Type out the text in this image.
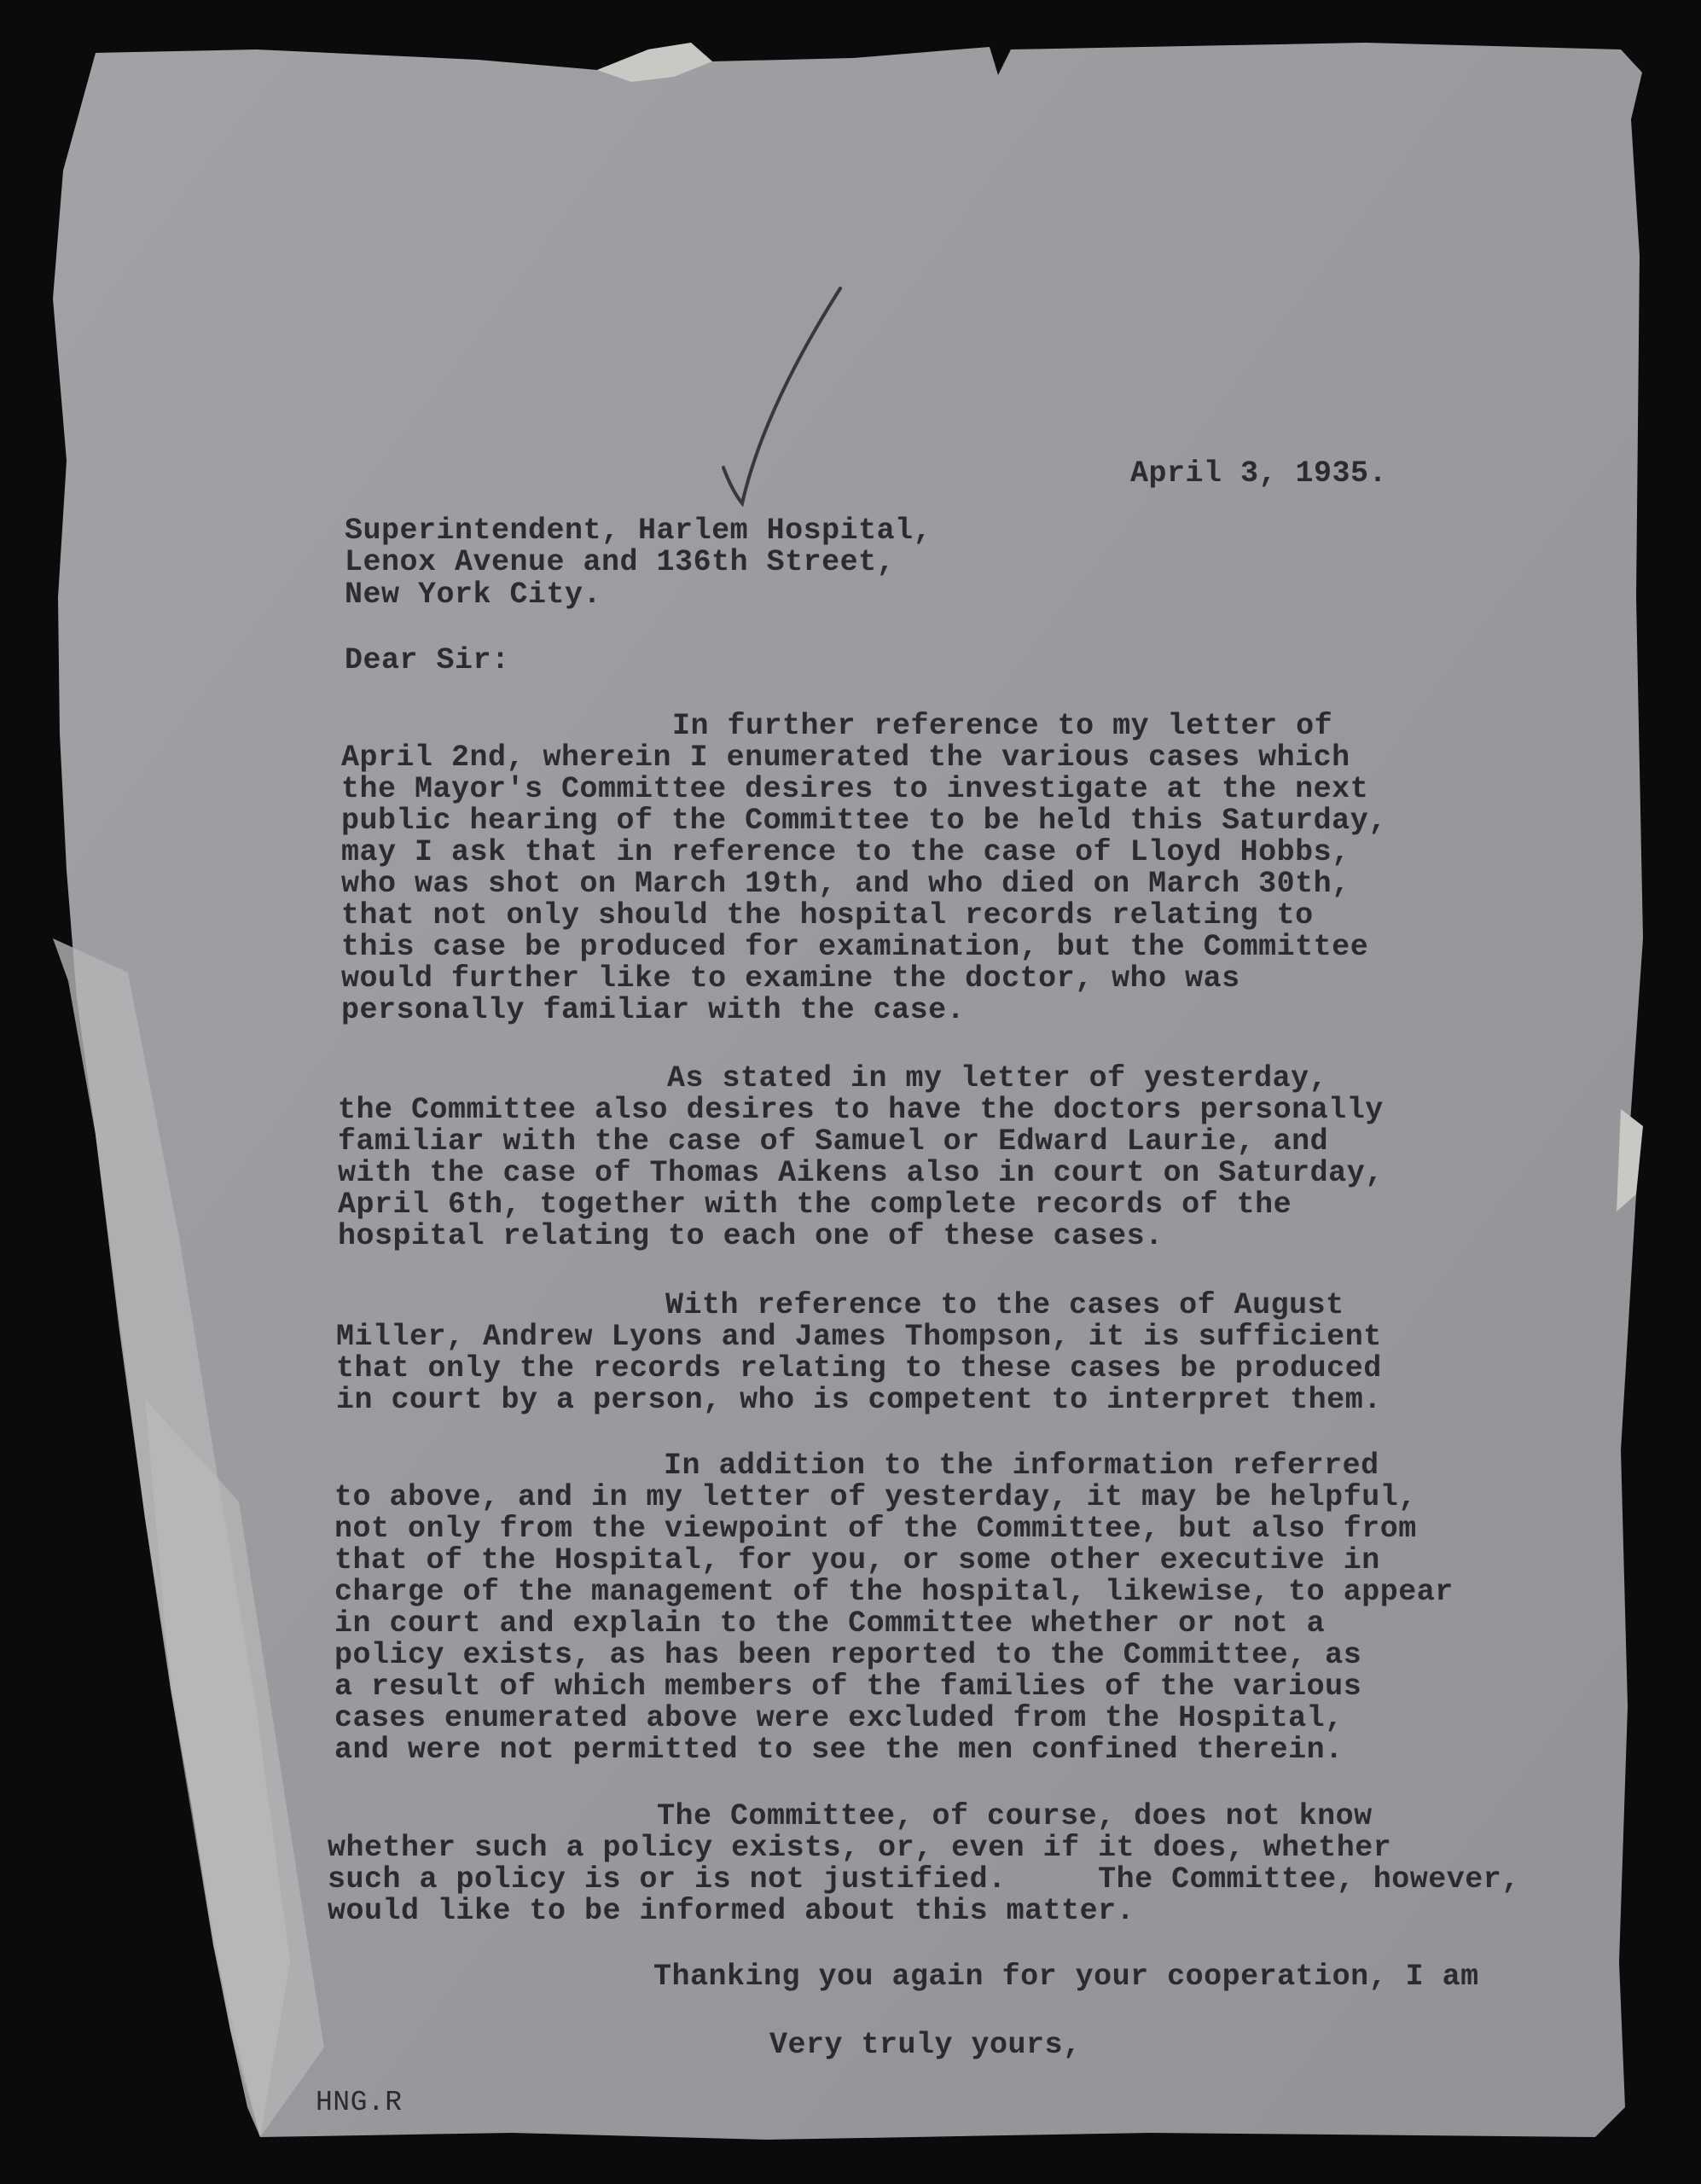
April 3, 1935.
Superintendent, Harlem Hospital,
Lenox Avenue and 136th Street,
New York City.
Dear Sir:
In further reference to my letter of
April 2nd, wherein I enumerated the various cases which
the Mayor's Committee desires to investigate at the next
public hearing of the Committee to be held this Saturday,
may I ask that in reference to the case of Lloyd Hobbs,
who was shot on March 19th, and who died on March 30th,
that not only should the hospital records relating to
this case be produced for examination, but the Committee
would further like to examine the doctor, who was
personally familiar with the case.
As stated in my letter of yesterday,
the Committee also desires to have the doctors personally
familiar with the case of Samuel or Edward Laurie, and
with the case of Thomas Aikens also in court on Saturday,
April 6th, together with the complete records of the
hospital relating to each one of these cases.
With reference to the cases of August
Miller, Andrew Lyons and James Thompson, it is sufficient
that only the records relating to these cases be produced
in court by a person, who is competent to interpret them.
In addition to the information referred
to above, and in my letter of yesterday, it may be helpful,
not only from the viewpoint of the Committee, but also from
that of the Hospital, for you, or some other executive in
charge of the management of the hospital, likewise, to appear
in court and explain to the Committee whether or not a
policy exists, as has been reported to the Committee, as
a result of which members of the families of the various
cases enumerated above were excluded from the Hospital,
and were not permitted to see the men confined therein.
The Committee, of course, does not know
whether such a policy exists, or, even if it does, whether
such a policy is or is not justified.     The Committee, however,
would like to be informed about this matter.
Thanking you again for your cooperation, I am
Very truly yours,
HNG.R
